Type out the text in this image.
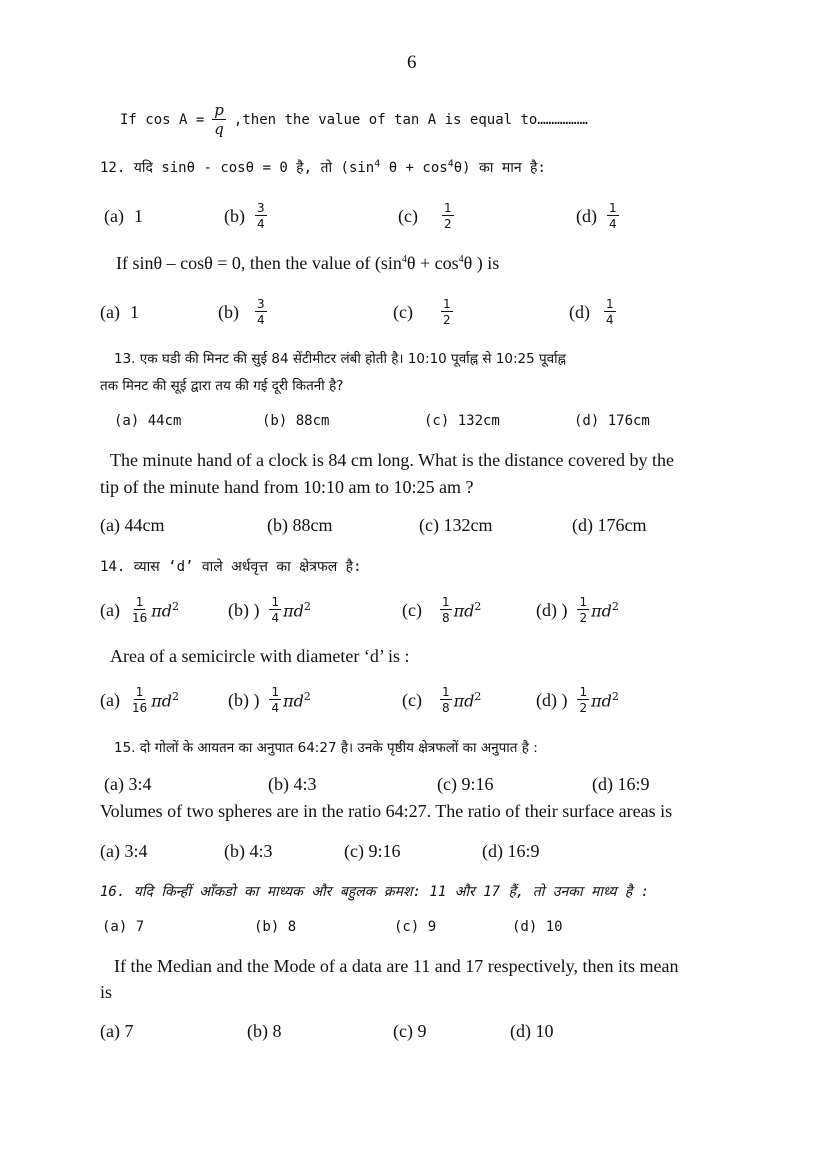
6
If $\cos A = \frac{p}{q}$ ,then the value of tan A is equal to………………
12. यदि sinθ - cosθ = 0 है, तो ($\sin^4$ $\theta + \cos^4\theta$) का मान है:
(a) 1	$(b) \frac{3}{4}$	$(c) \frac{1}{2}$	$(d) \frac{1}{4}$
If sinθ – cosθ = 0, then the value of ($\sin^4\theta + \cos^4\theta$ ) is
(a) 1	$(b) \frac{3}{4}$	$(c) \frac{1}{2}$	$(d) \frac{1}{4}$
13. एक घडी की मिनट की सुई 84 सेंटीमीटर लंबी होती है। 10:10 पूर्वाह्न से 10:25 पूर्वाह्न
तक मिनट की सूई द्वारा तय की गई दूरी कितनी है?
(a) 44cm	(b) 88cm	(c) 132cm	(d) 176cm
The minute hand of a clock is 84 cm long. What is the distance covered by the
tip of the minute hand from 10:10 am to 10:25 am ?
(a) 44cm	(b) 88cm	(c) 132cm	(d) 176cm
14. व्यास ‘d’ वाले अर्धवृत्त का क्षेत्रफल है:
$(a) \frac{1}{16} \pi d^2$	(b) ) $\frac{1}{4} \pi d^2$	$(c) \frac{1}{8} \pi d^2$	(d) ) $\frac{1}{2} \pi d^2$
Area of a semicircle with diameter ‘d’ is :
$(a) \frac{1}{16} \pi d^2$	(b) ) $\frac{1}{4} \pi d^2$	$(c) \frac{1}{8} \pi d^2$	(d) ) $\frac{1}{2} \pi d^2$
15. दो गोलों के आयतन का अनुपात 64:27 है। उनके पृष्ठीय क्षेत्रफलों का अनुपात है :
(a) 3:4	(b) 4:3	(c) 9:16	(d) 16:9
Volumes of two spheres are in the ratio 64:27. The ratio of their surface areas is
(a) 3:4	(b) 4:3	(c) 9:16	(d) 16:9
16. यदि किन्हीं आँकडो का माध्यक और बहुलक क्रमश: 11 और 17 हैं, तो उनका माध्य है :
(a) 7	(b) 8	(c) 9	(d) 10
If the Median and the Mode of a data are 11 and 17 respectively, then its mean
is
(a) 7	(b) 8	(c) 9	(d) 10
